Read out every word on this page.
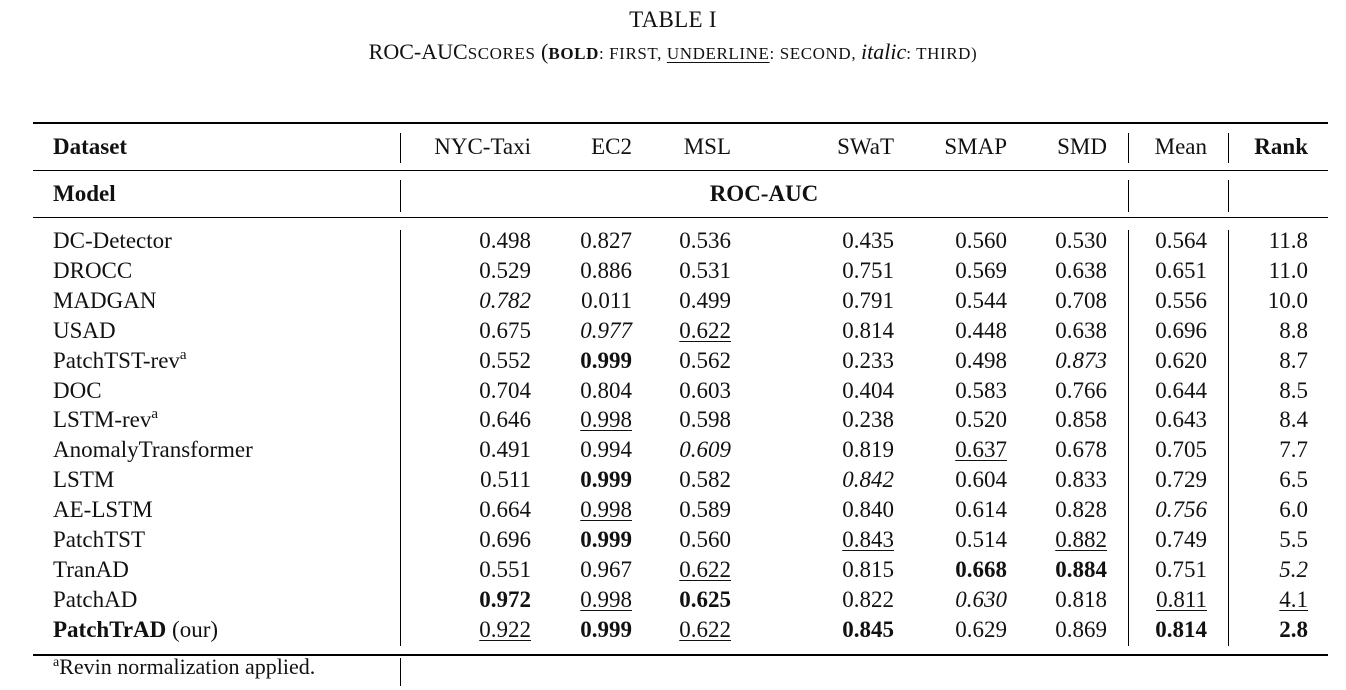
TABLE I
ROC-AUCSCORES (BOLD: FIRST, UNDERLINE: SECOND, italic: THIRD)
Dataset	NYC-Taxi	EC2 MSL	SWaT SMAP SMD Mean Rank
Model	ROC-AUC
DC-Detector	0.498 0.827 0.536	0.435	0.560 0.530 0.564	11.8
DROCC	0.529 0.886 0.531	0.751	0.569 0.638 0.651	11.0
MADGAN	0.782 0.011 0.499	0.791	0.544 0.708 0.556	10.0
USAD	0.675 0.977 0.622	0.814	0.448 0.638 0.696	8.8
PatchTST-rev$^a$	0.552 0.999 0.562	0.233	0.498 0.873 0.620	8.7
DOC	0.704 0.804 0.603	0.404	0.583 0.766 0.644	8.5
LSTM-rev$^a$	0.646 0.998 0.598	0.238	0.520 0.858 0.643	8.4
AnomalyTransformer	0.491 0.994 0.609	0.819	0.637 0.678 0.705	7.7
LSTM	0.511 0.999 0.582	0.842	0.604 0.833 0.729	6.5
AE-LSTM	0.664 0.998 0.589	0.840	0.614 0.828 0.756	6.0
PatchTST	0.696 0.999 0.560	0.843	0.514 0.882 0.749	5.5
TranAD	0.551 0.967 0.622	0.815	0.668 0.884 0.751	5.2
PatchAD	0.972 0.998 0.625	0.822	0.630 0.818 0.811	4.1
PatchTrAD (our)	0.922 0.999 0.622	0.845	0.629 0.869 0.814	2.8
$^a$Revin normalization applied.
